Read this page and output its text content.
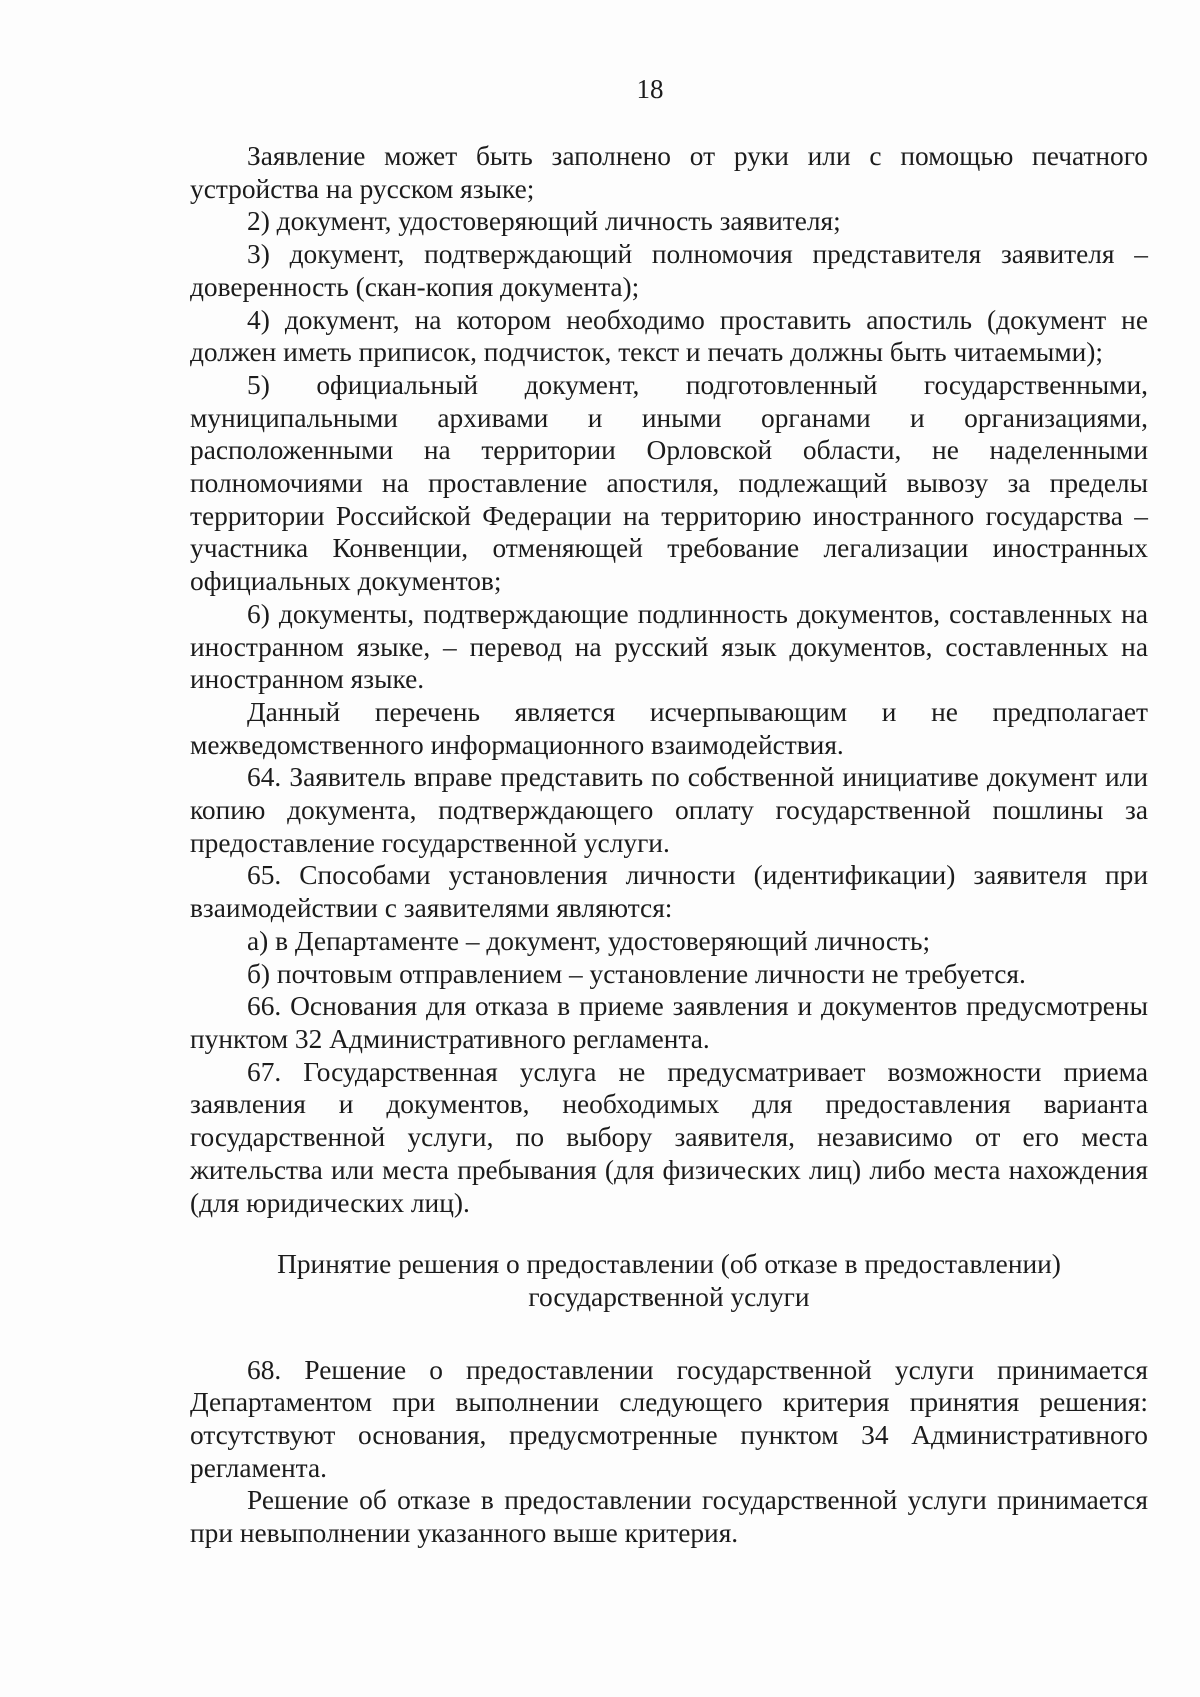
18

Заявление может быть заполнено от руки или с помощью печатного устройства на русском языке;

2) документ, удостоверяющий личность заявителя;

3) документ, подтверждающий полномочия представителя заявителя – доверенность (скан-копия документа);

4) документ, на котором необходимо проставить апостиль (документ не должен иметь приписок, подчисток, текст и печать должны быть читаемыми);

5) официальный документ, подготовленный государственными, муниципальными архивами и иными органами и организациями, расположенными на территории Орловской области, не наделенными полномочиями на проставление апостиля, подлежащий вывозу за пределы территории Российской Федерации на территорию иностранного государства – участника Конвенции, отменяющей требование легализации иностранных официальных документов;

6) документы, подтверждающие подлинность документов, составленных на иностранном языке, – перевод на русский язык документов, составленных на иностранном языке.

Данный перечень является исчерпывающим и не предполагает межведомственного информационного взаимодействия.

64. Заявитель вправе представить по собственной инициативе документ или копию документа, подтверждающего оплату государственной пошлины за предоставление государственной услуги.

65. Способами установления личности (идентификации) заявителя при взаимодействии с заявителями являются:

а) в Департаменте – документ, удостоверяющий личность;

б) почтовым отправлением – установление личности не требуется.

66. Основания для отказа в приеме заявления и документов предусмотрены пунктом 32 Административного регламента.

67. Государственная услуга не предусматривает возможности приема заявления и документов, необходимых для предоставления варианта государственной услуги, по выбору заявителя, независимо от его места жительства или места пребывания (для физических лиц) либо места нахождения (для юридических лиц).

Принятие решения о предоставлении (об отказе в предоставлении)
государственной услуги

68. Решение о предоставлении государственной услуги принимается Департаментом при выполнении следующего критерия принятия решения: отсутствуют основания, предусмотренные пунктом 34 Административного регламента.

Решение об отказе в предоставлении государственной услуги принимается при невыполнении указанного выше критерия.
